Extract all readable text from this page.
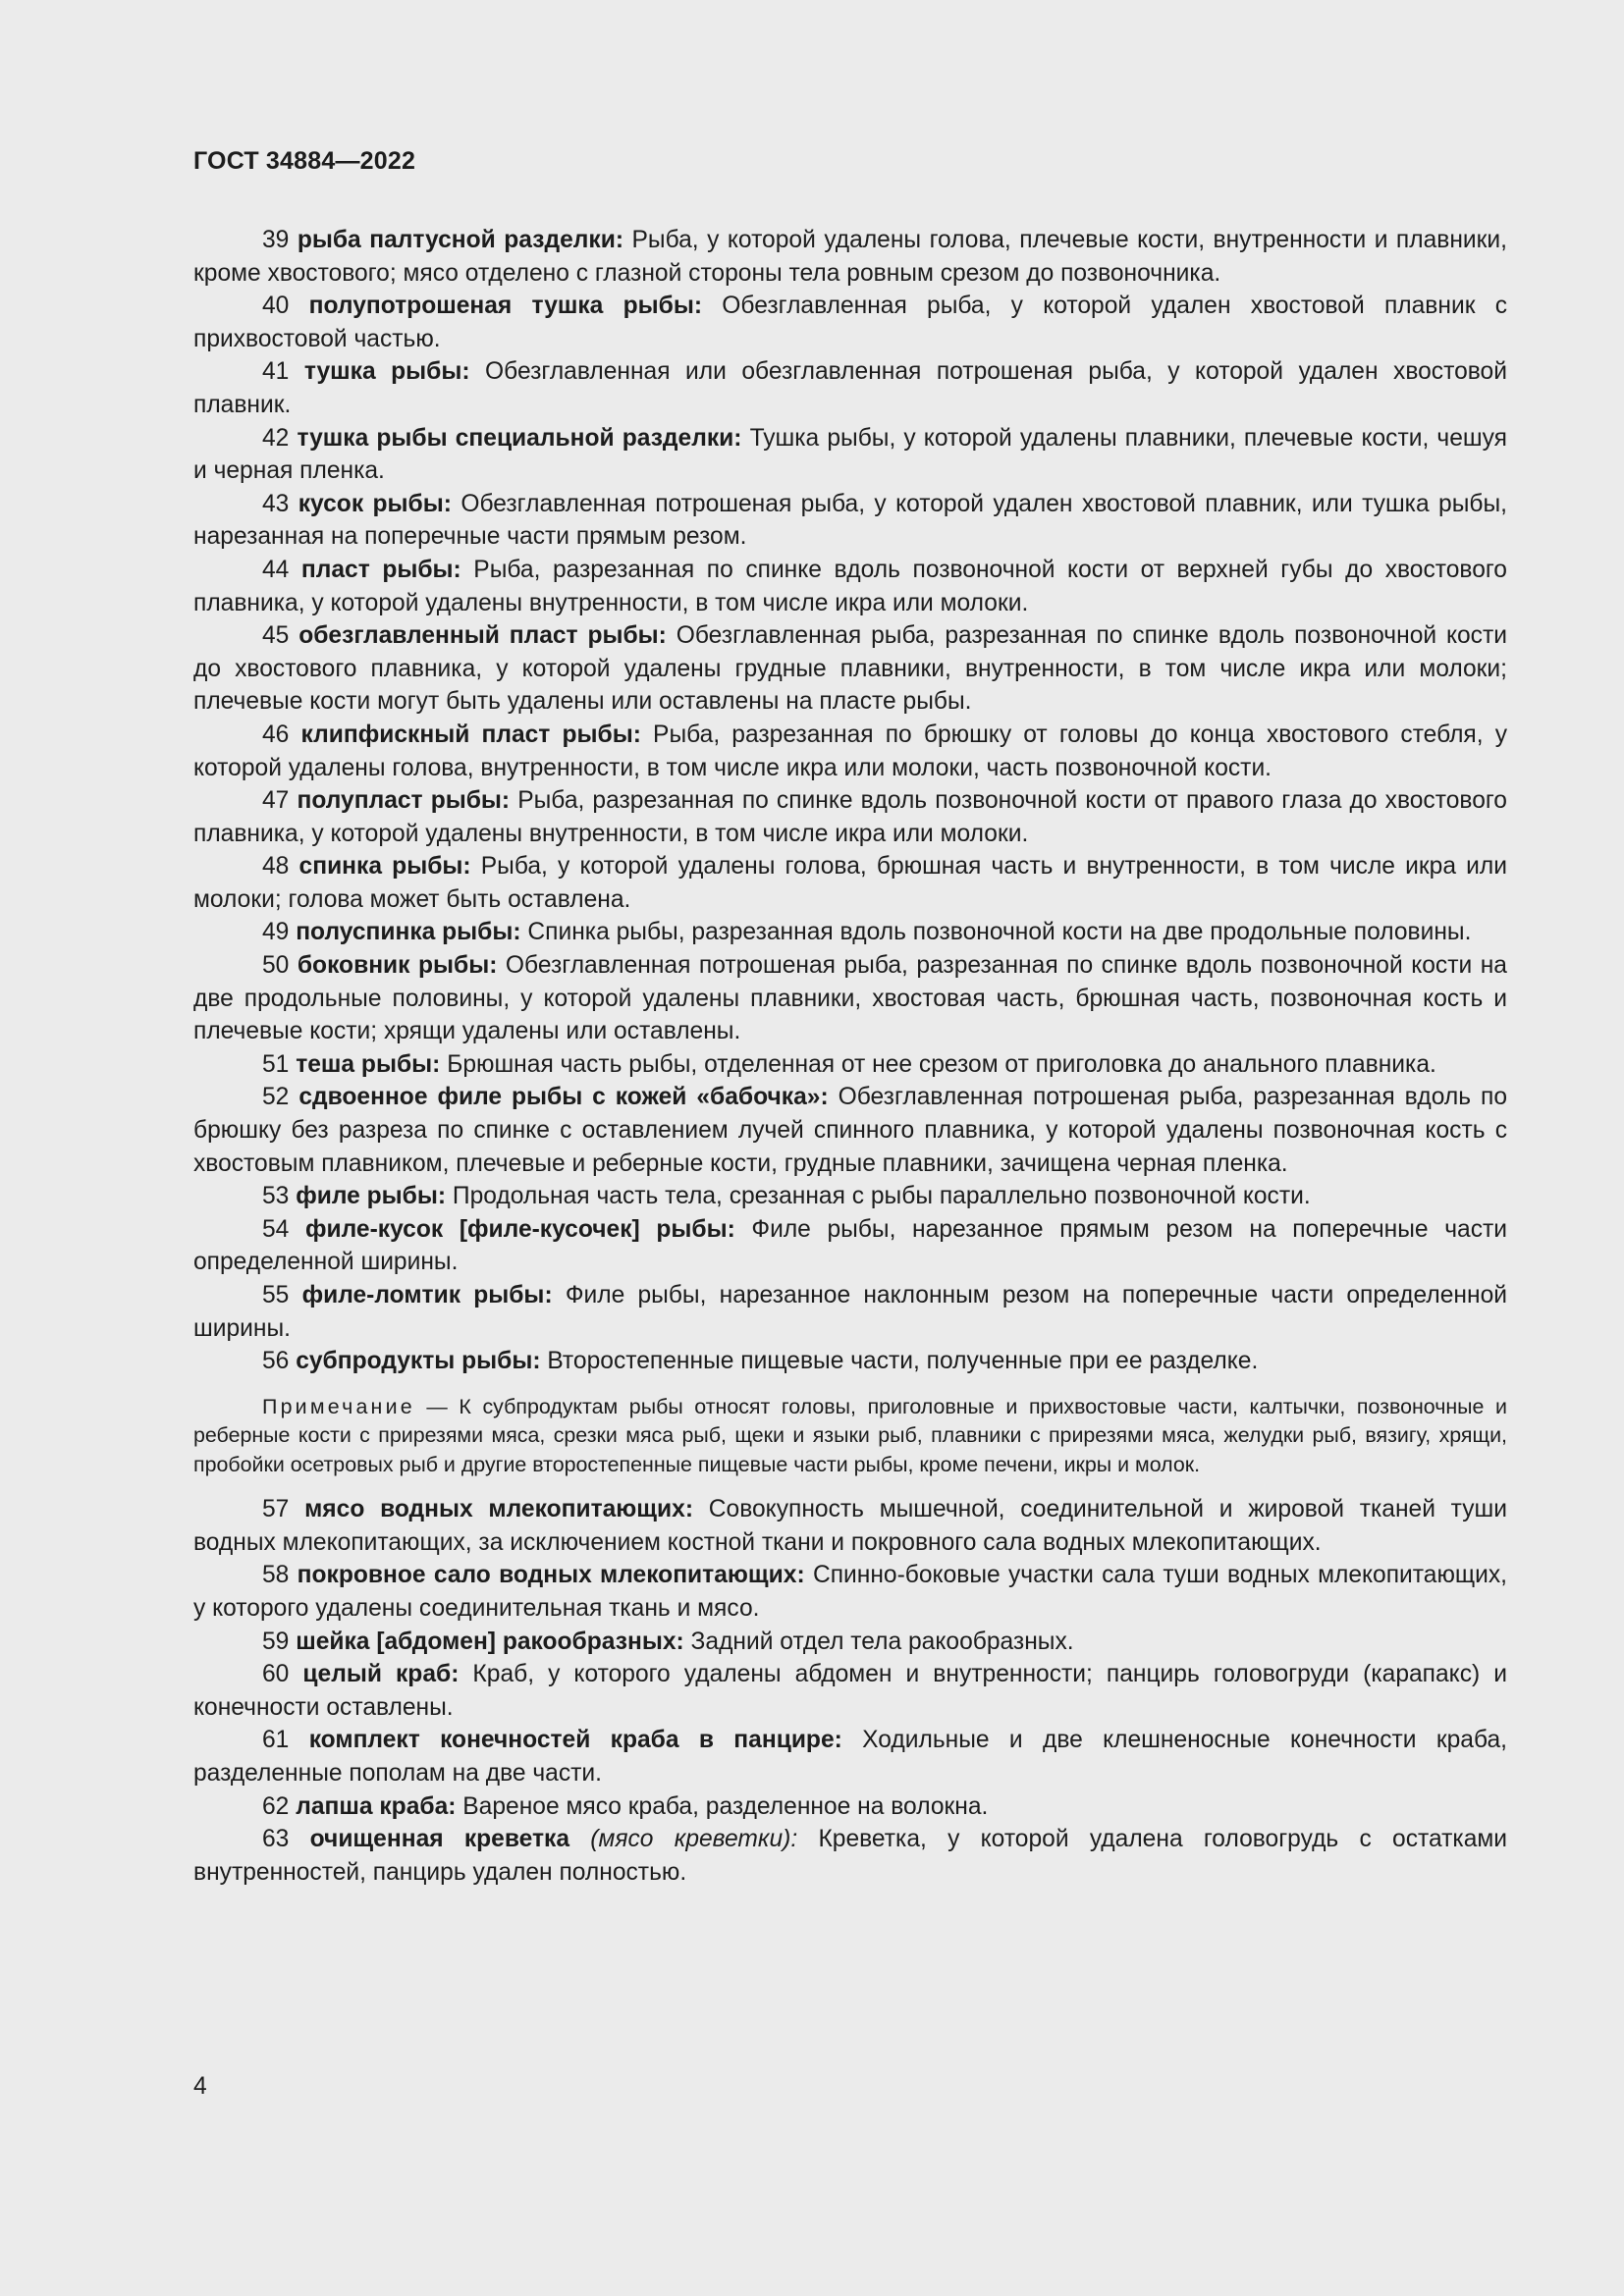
ГОСТ 34884—2022

39 рыба палтусной разделки: Рыба, у которой удалены голова, плечевые кости, внутренности и плавники, кроме хвостового; мясо отделено с глазной стороны тела ровным срезом до позвоночника.

40 полупотрошеная тушка рыбы: Обезглавленная рыба, у которой удален хвостовой плавник с прихвостовой частью.

41 тушка рыбы: Обезглавленная или обезглавленная потрошеная рыба, у которой удален хвостовой плавник.

42 тушка рыбы специальной разделки: Тушка рыбы, у которой удалены плавники, плечевые кости, чешуя и черная пленка.

43 кусок рыбы: Обезглавленная потрошеная рыба, у которой удален хвостовой плавник, или тушка рыбы, нарезанная на поперечные части прямым резом.

44 пласт рыбы: Рыба, разрезанная по спинке вдоль позвоночной кости от верхней губы до хвостового плавника, у которой удалены внутренности, в том числе икра или молоки.

45 обезглавленный пласт рыбы: Обезглавленная рыба, разрезанная по спинке вдоль позвоночной кости до хвостового плавника, у которой удалены грудные плавники, внутренности, в том числе икра или молоки; плечевые кости могут быть удалены или оставлены на пласте рыбы.

46 клипфискный пласт рыбы: Рыба, разрезанная по брюшку от головы до конца хвостового стебля, у которой удалены голова, внутренности, в том числе икра или молоки, часть позвоночной кости.

47 полупласт рыбы: Рыба, разрезанная по спинке вдоль позвоночной кости от правого глаза до хвостового плавника, у которой удалены внутренности, в том числе икра или молоки.

48 спинка рыбы: Рыба, у которой удалены голова, брюшная часть и внутренности, в том числе икра или молоки; голова может быть оставлена.

49 полуспинка рыбы: Спинка рыбы, разрезанная вдоль позвоночной кости на две продольные половины.

50 боковник рыбы: Обезглавленная потрошеная рыба, разрезанная по спинке вдоль позвоночной кости на две продольные половины, у которой удалены плавники, хвостовая часть, брюшная часть, позвоночная кость и плечевые кости; хрящи удалены или оставлены.

51 теша рыбы: Брюшная часть рыбы, отделенная от нее срезом от приголовка до анального плавника.

52 сдвоенное филе рыбы с кожей «бабочка»: Обезглавленная потрошеная рыба, разрезанная вдоль по брюшку без разреза по спинке с оставлением лучей спинного плавника, у которой удалены позвоночная кость с хвостовым плавником, плечевые и реберные кости, грудные плавники, зачищена черная пленка.

53 филе рыбы: Продольная часть тела, срезанная с рыбы параллельно позвоночной кости.

54 филе-кусок [филе-кусочек] рыбы: Филе рыбы, нарезанное прямым резом на поперечные части определенной ширины.

55 филе-ломтик рыбы: Филе рыбы, нарезанное наклонным резом на поперечные части определенной ширины.

56 субпродукты рыбы: Второстепенные пищевые части, полученные при ее разделке.

Примечание — К субпродуктам рыбы относят головы, приголовные и прихвостовые части, калтычки, позвоночные и реберные кости с прирезями мяса, срезки мяса рыб, щеки и языки рыб, плавники с прирезями мяса, желудки рыб, вязигу, хрящи, пробойки осетровых рыб и другие второстепенные пищевые части рыбы, кроме печени, икры и молок.

57 мясо водных млекопитающих: Совокупность мышечной, соединительной и жировой тканей туши водных млекопитающих, за исключением костной ткани и покровного сала водных млекопитающих.

58 покровное сало водных млекопитающих: Спинно-боковые участки сала туши водных млекопитающих, у которого удалены соединительная ткань и мясо.

59 шейка [абдомен] ракообразных: Задний отдел тела ракообразных.

60 целый краб: Краб, у которого удалены абдомен и внутренности; панцирь головогруди (карапакс) и конечности оставлены.

61 комплект конечностей краба в панцире: Ходильные и две клешненосные конечности краба, разделенные пополам на две части.

62 лапша краба: Вареное мясо краба, разделенное на волокна.

63 очищенная креветка (мясо креветки): Креветка, у которой удалена головогрудь с остатками внутренностей, панцирь удален полностью.

4
